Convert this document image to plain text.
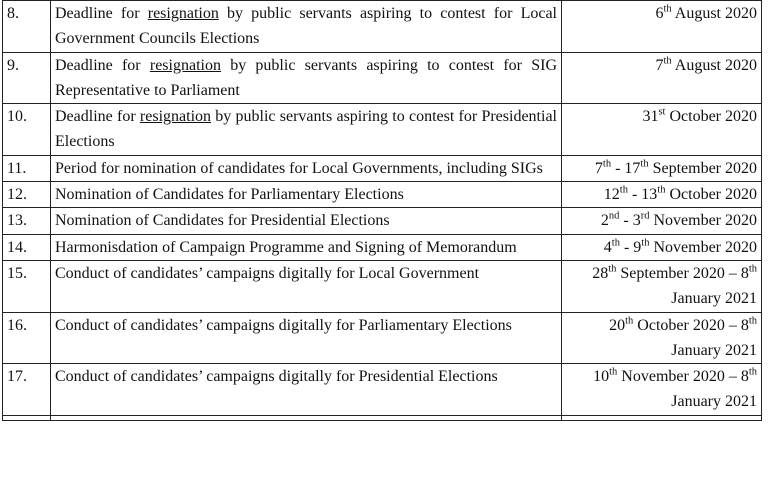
8.	Deadline for resignation by public servants aspiring to contest for Local Government Councils Elections	6th August 2020
9.	Deadline for resignation by public servants aspiring to contest for SIG Representative to Parliament	7th August 2020
10.	Deadline for resignation by public servants aspiring to contest for Presidential Elections	31st October 2020
11.	Period for nomination of candidates for Local Governments, including SIGs	7th - 17th September 2020
12.	Nomination of Candidates for Parliamentary Elections	12th - 13th October 2020
13.	Nomination of Candidates for Presidential Elections	2nd - 3rd November 2020
14.	Harmonisdation of Campaign Programme and Signing of Memorandum	4th - 9th November 2020
15.	Conduct of candidates’ campaigns digitally for Local Government	28th September 2020 – 8th January 2021
16.	Conduct of candidates’ campaigns digitally for Parliamentary Elections	20th October 2020 – 8th January 2021
17.	Conduct of candidates’ campaigns digitally for Presidential Elections	10th November 2020 – 8th January 2021
